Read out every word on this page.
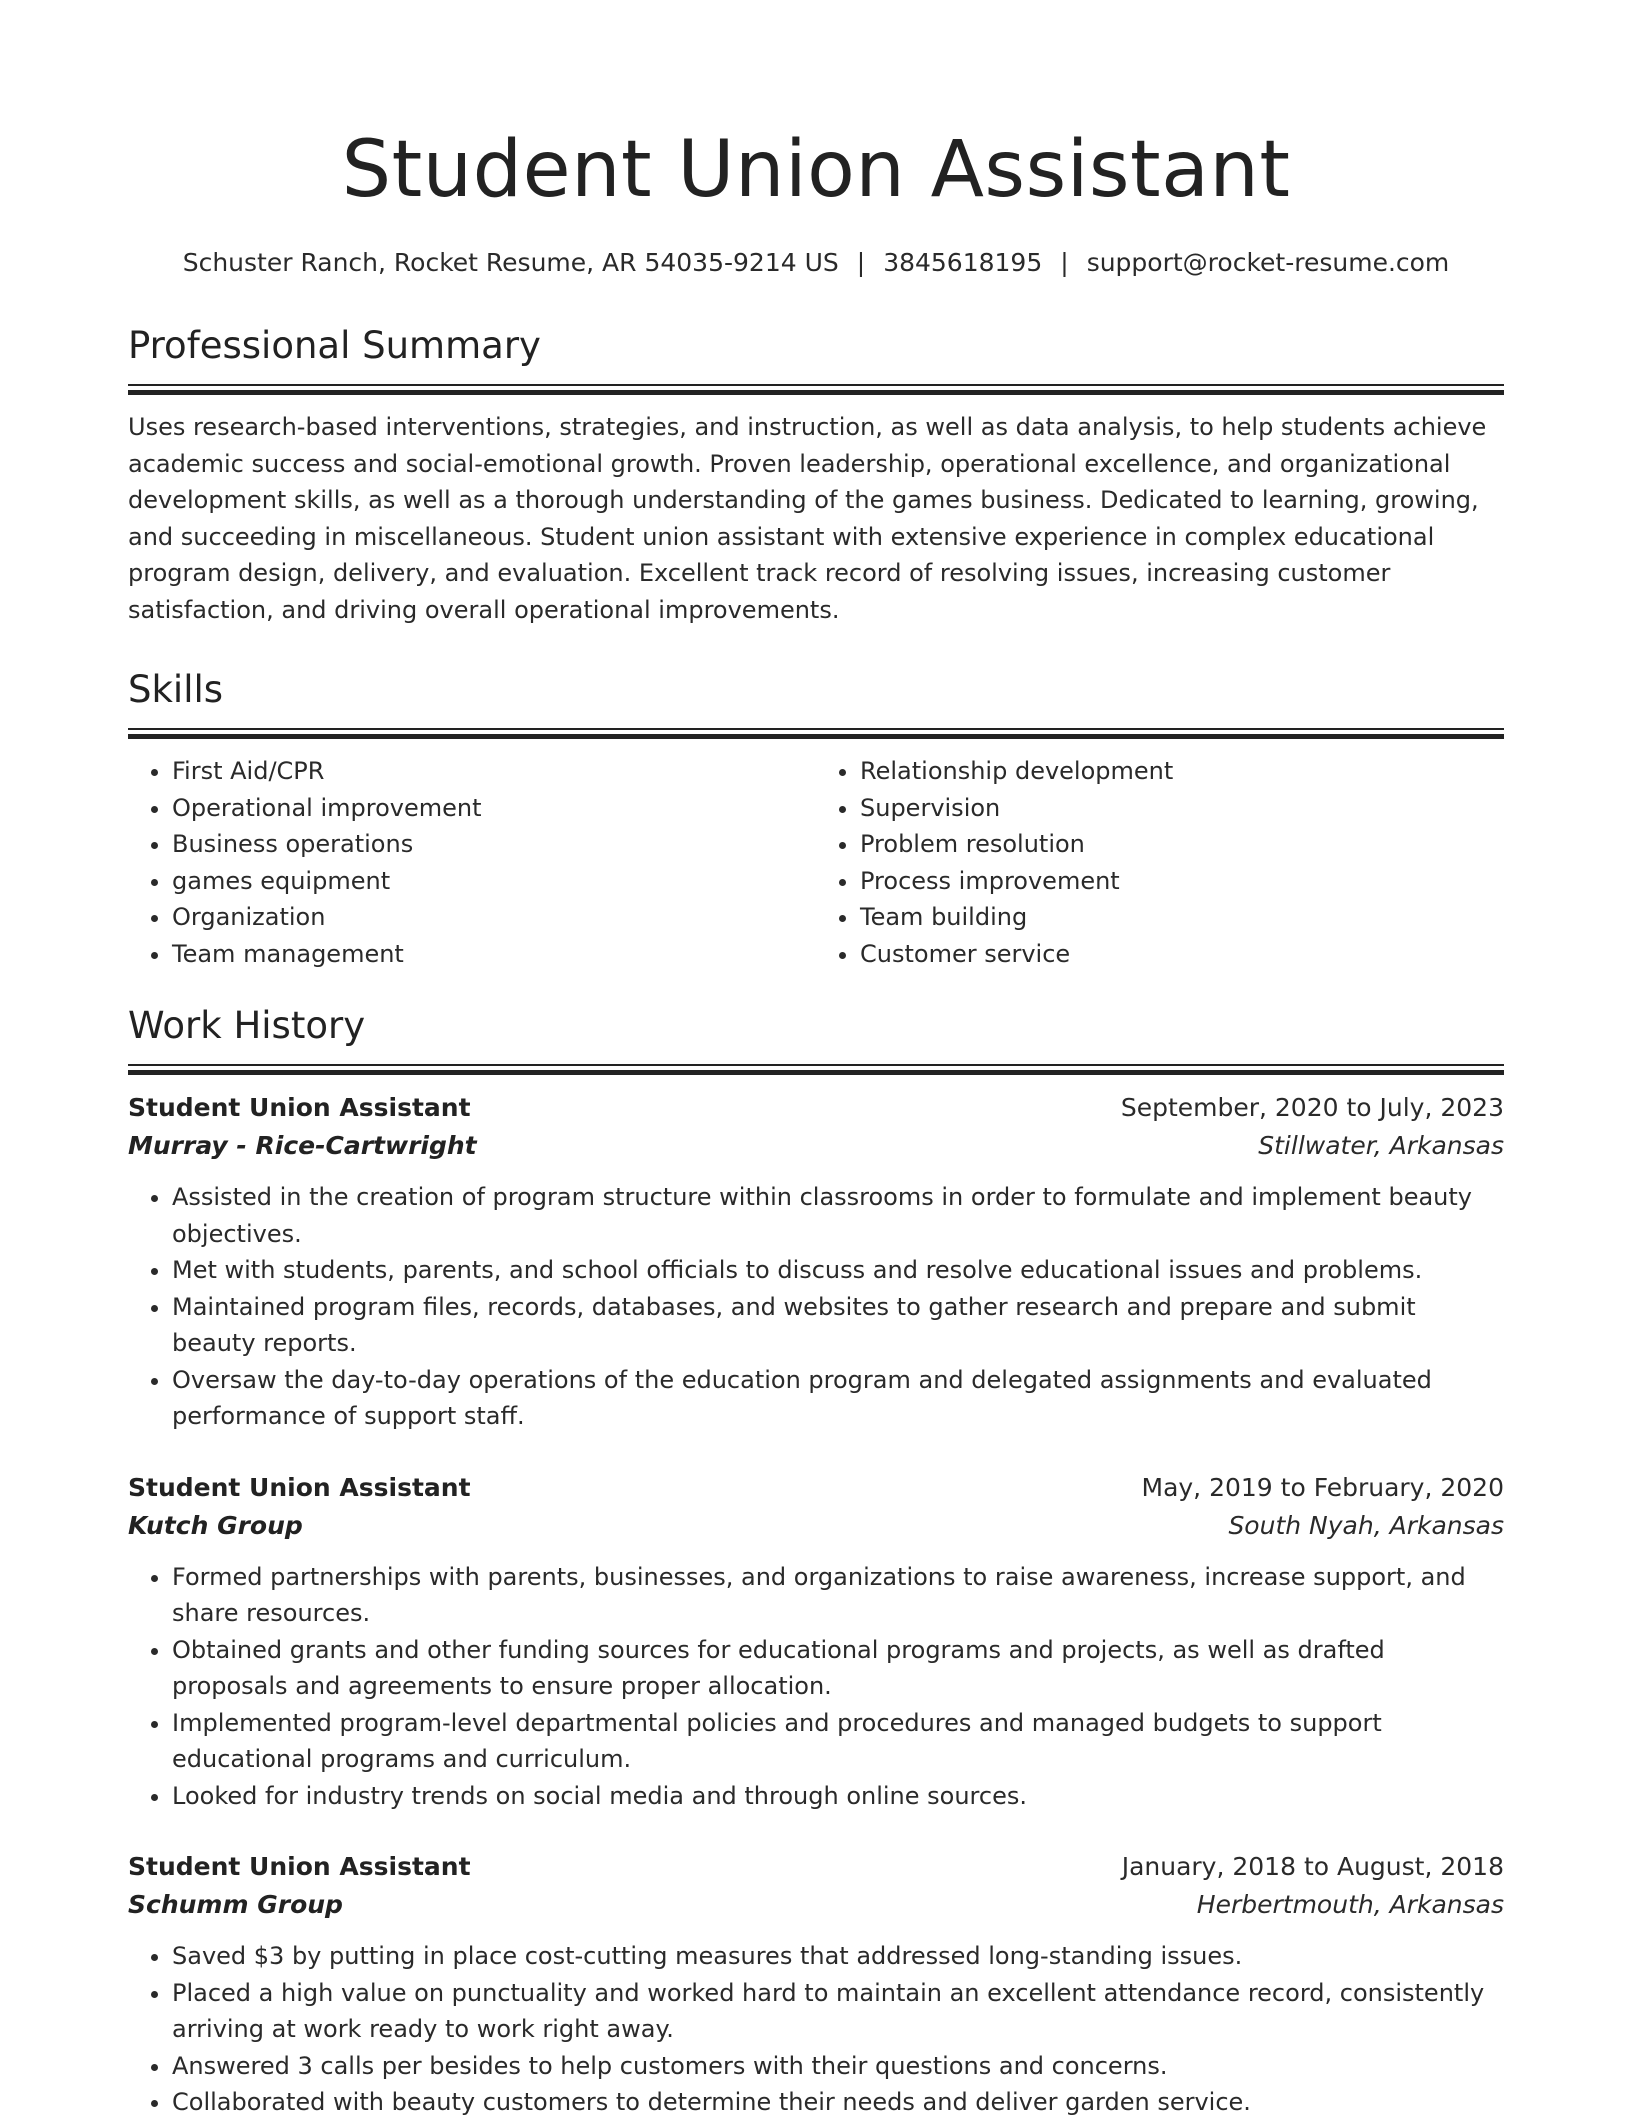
Student Union Assistant
Schuster Ranch, Rocket Resume, AR 54035-9214 US | 3845618195 | support@rocket-resume.com
Professional Summary

Uses research-based interventions, strategies, and instruction, as well as data analysis, to help students achieve academic success and social-emotional growth. Proven leadership, operational excellence, and organizational development skills, as well as a thorough understanding of the games business. Dedicated to learning, growing, and succeeding in miscellaneous. Student union assistant with extensive experience in complex educational program design, delivery, and evaluation. Excellent track record of resolving issues, increasing customer satisfaction, and driving overall operational improvements.

Skills
• First Aid/CPR
• Operational improvement
• Business operations
• games equipment
• Organization
• Team management
• Relationship development
• Supervision
• Problem resolution
• Process improvement
• Team building
• Customer service
Work History
Student Union Assistant	September, 2020 to July, 2023
Murray - Rice-Cartwright	Stillwater, Arkansas
• Assisted in the creation of program structure within classrooms in order to formulate and implement beauty objectives.
• Met with students, parents, and school officials to discuss and resolve educational issues and problems.
• Maintained program files, records, databases, and websites to gather research and prepare and submit beauty reports.
• Oversaw the day-to-day operations of the education program and delegated assignments and evaluated performance of support staff.
Student Union Assistant	May, 2019 to February, 2020
Kutch Group	South Nyah, Arkansas
• Formed partnerships with parents, businesses, and organizations to raise awareness, increase support, and share resources.
• Obtained grants and other funding sources for educational programs and projects, as well as drafted proposals and agreements to ensure proper allocation.
• Implemented program-level departmental policies and procedures and managed budgets to support educational programs and curriculum.
• Looked for industry trends on social media and through online sources.
Student Union Assistant	January, 2018 to August, 2018
Schumm Group	Herbertmouth, Arkansas
• Saved $3 by putting in place cost-cutting measures that addressed long-standing issues.
• Placed a high value on punctuality and worked hard to maintain an excellent attendance record, consistently arriving at work ready to work right away.
• Answered 3 calls per besides to help customers with their questions and concerns.
• Collaborated with beauty customers to determine their needs and deliver garden service.
